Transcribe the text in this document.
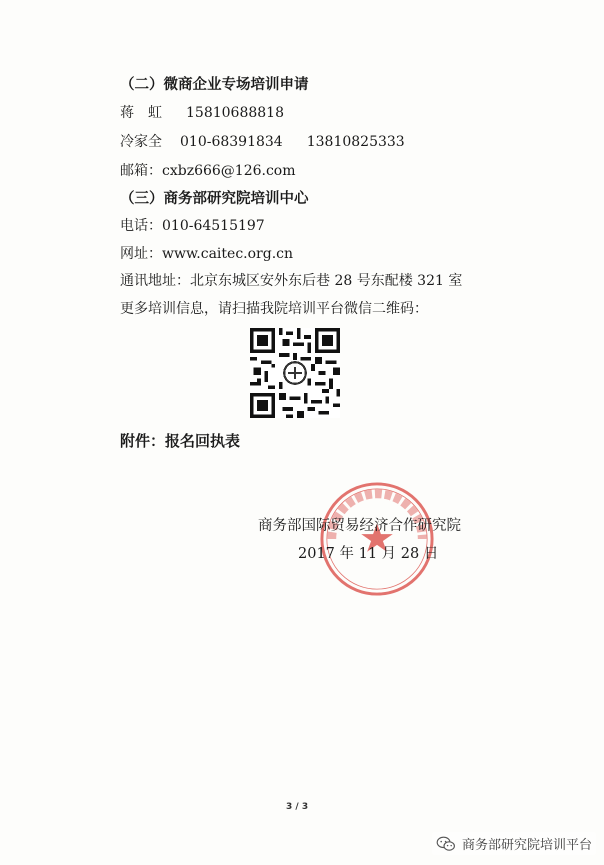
（二）微商企业专场培训申请
蒋　虹 15810688818
冷家全 010-68391834 13810825333
邮箱：cxbz666@126.com
（三）商务部研究院培训中心
电话：010-64515197
网址：www.caitec.org.cn
通讯地址：北京东城区安外东后巷 28 号东配楼 321 室
更多培训信息，请扫描我院培训平台微信二维码：
附件：报名回执表
商务部国际贸易经济合作研究院
2017 年 11 月 28 日
3 / 3
商务部研究院培训平台
